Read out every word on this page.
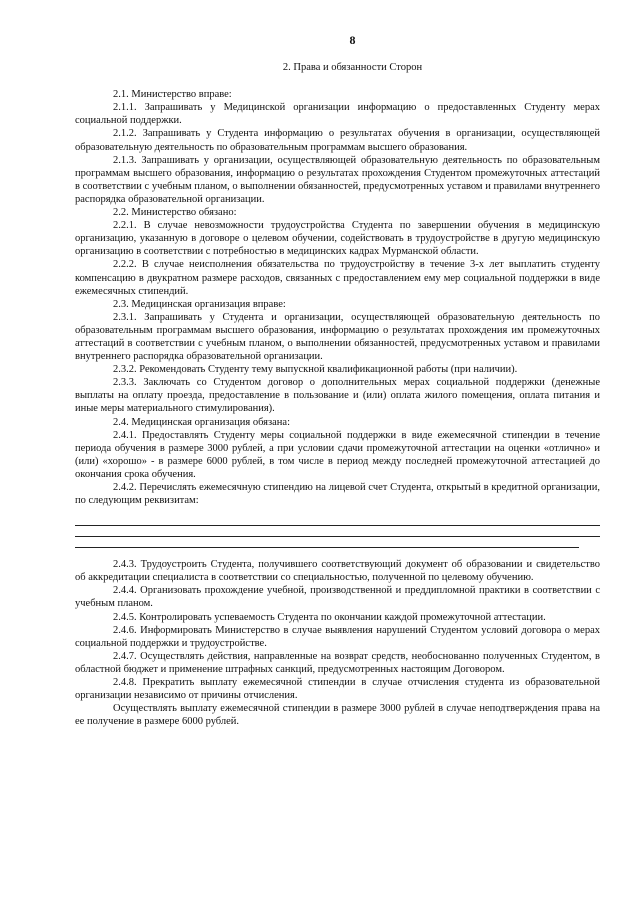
8
2. Права и обязанности Сторон

2.1. Министерство вправе:

2.1.1. Запрашивать у Медицинской организации информацию о предоставленных Студенту мерах социальной поддержки.

2.1.2. Запрашивать у Студента информацию о результатах обучения в организации, осуществляющей образовательную деятельность по образовательным программам высшего образования.

2.1.3. Запрашивать у организации, осуществляющей образовательную деятельность по образовательным программам высшего образования, информацию о результатах прохождения Студентом промежуточных аттестаций в соответствии с учебным планом, о выполнении обязанностей, предусмотренных уставом и правилами внутреннего распорядка образовательной организации.

2.2. Министерство обязано:

2.2.1. В случае невозможности трудоустройства Студента по завершении обучения в медицинскую организацию, указанную в договоре о целевом обучении, содействовать в трудоустройстве в другую медицинскую организацию в соответствии с потребностью в медицинских кадрах Мурманской области.

2.2.2. В случае неисполнения обязательства по трудоустройству в течение 3-х лет выплатить студенту компенсацию в двукратном размере расходов, связанных с предоставлением ему мер социальной поддержки в виде ежемесячных стипендий.

2.3. Медицинская организация вправе:

2.3.1. Запрашивать у Студента и организации, осуществляющей образовательную деятельность по образовательным программам высшего образования, информацию о результатах прохождения им промежуточных аттестаций в соответствии с учебным планом, о выполнении обязанностей, предусмотренных уставом и правилами внутреннего распорядка образовательной организации.

2.3.2. Рекомендовать Студенту тему выпускной квалификационной работы (при наличии).

2.3.3. Заключать со Студентом договор о дополнительных мерах социальной поддержки (денежные выплаты на оплату проезда, предоставление в пользование и (или) оплата жилого помещения, оплата питания и иные меры материального стимулирования).

2.4. Медицинская организация обязана:

2.4.1. Предоставлять Студенту меры социальной поддержки в виде ежемесячной стипендии в течение периода обучения в размере 3000 рублей, а при условии сдачи промежуточной аттестации на оценки «отлично» и (или) «хорошо» - в размере 6000 рублей, в том числе в период между последней промежуточной аттестацией до окончания срока обучения.

2.4.2. Перечислять ежемесячную стипендию на лицевой счет Студента, открытый в кредитной организации, по следующим реквизитам:

2.4.3. Трудоустроить Студента, получившего соответствующий документ об образовании и свидетельство об аккредитации специалиста в соответствии со специальностью, полученной по целевому обучению.

2.4.4. Организовать прохождение учебной, производственной и преддипломной практики в соответствии с учебным планом.

2.4.5. Контролировать успеваемость Студента по окончании каждой промежуточной аттестации.

2.4.6. Информировать Министерство в случае выявления нарушений Студентом условий договора о мерах социальной поддержки и трудоустройстве.

2.4.7. Осуществлять действия, направленные на возврат средств, необоснованно полученных Студентом, в областной бюджет и применение штрафных санкций, предусмотренных настоящим Договором.

2.4.8. Прекратить выплату ежемесячной стипендии в случае отчисления студента из образовательной организации независимо от причины отчисления.

Осуществлять выплату ежемесячной стипендии в размере 3000 рублей в случае неподтверждения права на ее получение в размере 6000 рублей.
